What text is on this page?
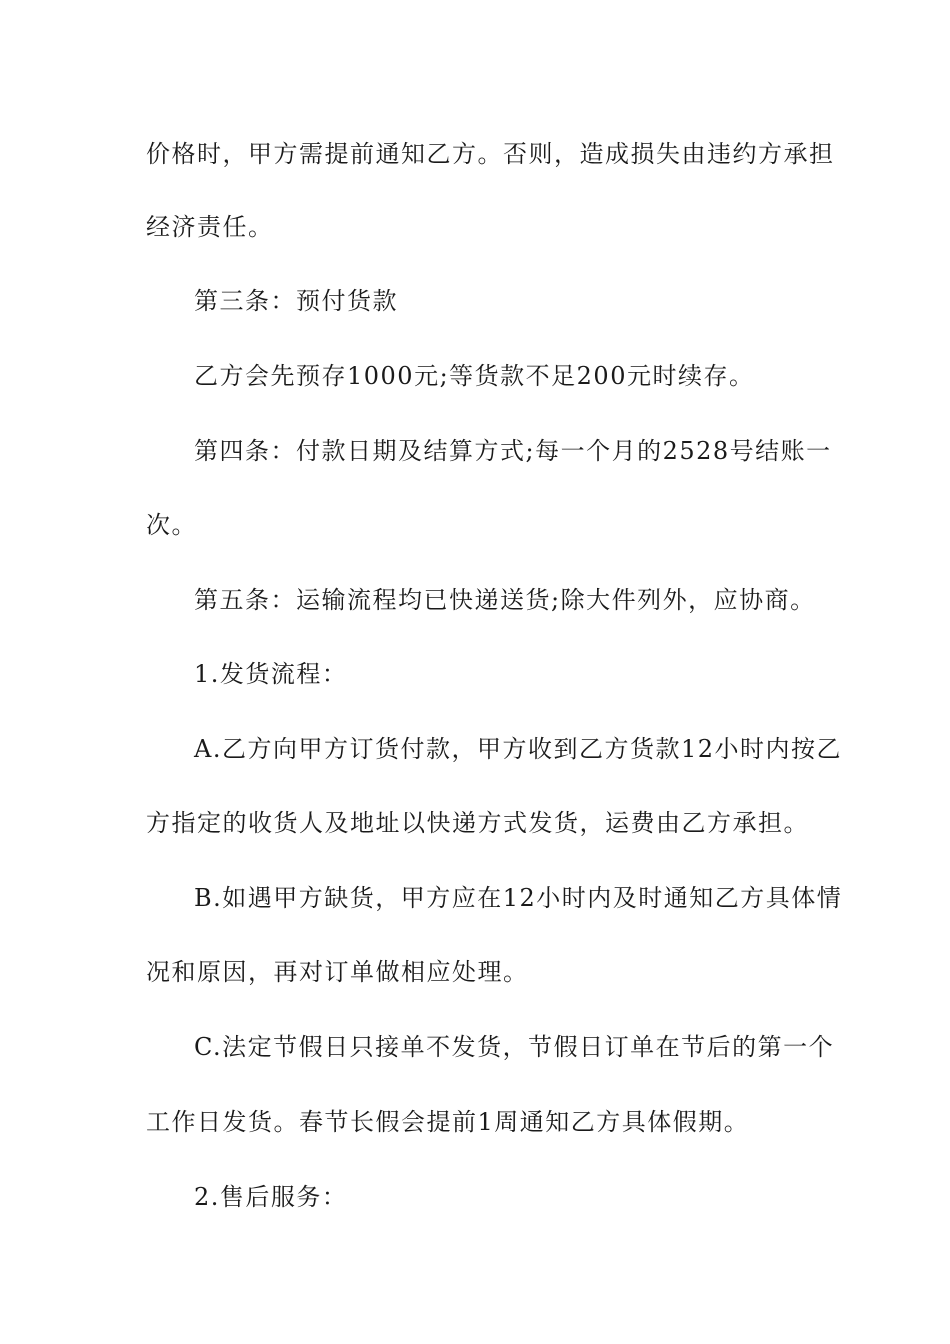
价格时，甲方需提前通知乙方。否则，造成损失由违约方承担
经济责任。
第三条：预付货款
乙方会先预存1000元;等货款不足200元时续存。
第四条：付款日期及结算方式;每一个月的2528号结账一
次。
第五条：运输流程均已快递送货;除大件列外，应协商。
1.发货流程：
A.乙方向甲方订货付款，甲方收到乙方货款12小时内按乙
方指定的收货人及地址以快递方式发货，运费由乙方承担。
B.如遇甲方缺货，甲方应在12小时内及时通知乙方具体情
况和原因，再对订单做相应处理。
C.法定节假日只接单不发货，节假日订单在节后的第一个
工作日发货。春节长假会提前1周通知乙方具体假期。
2.售后服务：
